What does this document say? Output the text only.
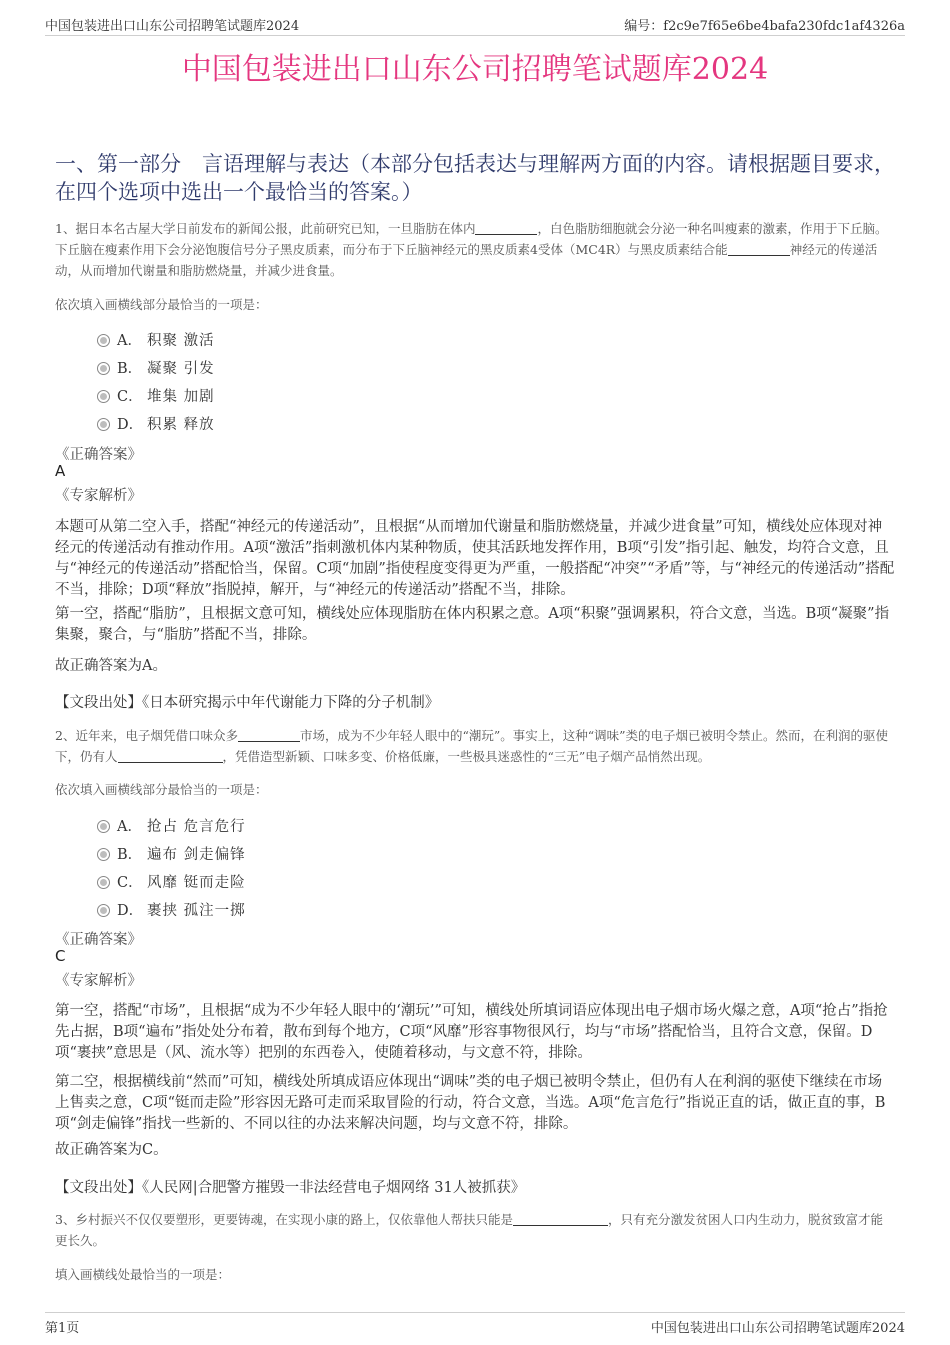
中国包装进出口山东公司招聘笔试题库2024	编号：f2c9e7f65e6be4bafa230fdc1af4326a
中国包装进出口山东公司招聘笔试题库2024
一、第一部分　言语理解与表达（本部分包括表达与理解两方面的内容。请根据题目要求，在四个选项中选出一个最恰当的答案。）
1、据日本名古屋大学日前发布的新闻公报，此前研究已知，一旦脂肪在体内	，白色脂肪细胞就会分泌一种名叫瘦素的激素，作用于下丘脑。下丘脑在瘦素作用下会分泌饱腹信号分子黑皮质素，而分布于下丘脑神经元的黑皮质素4受体（MC4R）与黑皮质素结合能	神经元的传递活动，从而增加代谢量和脂肪燃烧量，并减少进食量。
依次填入画横线部分最恰当的一项是：
A． 积聚 激活
B． 凝聚 引发
C． 堆集 加剧
D． 积累 释放
《正确答案》
A
《专家解析》
本题可从第二空入手，搭配“神经元的传递活动”，且根据“从而增加代谢量和脂肪燃烧量，并减少进食量”可知，横线处应体现对神经元的传递活动有推动作用。A项“激活”指刺激机体内某种物质，使其活跃地发挥作用，B项“引发”指引起、触发，均符合文意，且与“神经元的传递活动”搭配恰当，保留。C项“加剧”指使程度变得更为严重，一般搭配“冲突”“矛盾”等，与“神经元的传递活动”搭配不当，排除；D项“释放”指脱掉，解开，与“神经元的传递活动”搭配不当，排除。
第一空，搭配“脂肪”，且根据文意可知，横线处应体现脂肪在体内积累之意。A项“积聚”强调累积，符合文意，当选。B项“凝聚”指集聚，聚合，与“脂肪”搭配不当，排除。
故正确答案为A。
【文段出处】《日本研究揭示中年代谢能力下降的分子机制》
2、近年来，电子烟凭借口味众多	市场，成为不少年轻人眼中的“潮玩”。事实上，这种“调味”类的电子烟已被明令禁止。然而，在利润的驱使下，仍有人	，凭借造型新颖、口味多变、价格低廉，一些极具迷惑性的“三无”电子烟产品悄然出现。
依次填入画横线部分最恰当的一项是：
A． 抢占 危言危行
B． 遍布 剑走偏锋
C． 风靡 铤而走险
D． 裹挟 孤注一掷
《正确答案》
C
《专家解析》
第一空，搭配“市场”，且根据“成为不少年轻人眼中的‘潮玩’”可知，横线处所填词语应体现出电子烟市场火爆之意，A项“抢占”指抢先占据，B项“遍布”指处处分布着，散布到每个地方，C项“风靡”形容事物很风行，均与“市场”搭配恰当，且符合文意，保留。D项“裹挟”意思是（风、流水等）把别的东西卷入，使随着移动，与文意不符，排除。
第二空，根据横线前“然而”可知，横线处所填成语应体现出“调味”类的电子烟已被明令禁止，但仍有人在利润的驱使下继续在市场上售卖之意，C项“铤而走险”形容因无路可走而采取冒险的行动，符合文意，当选。A项“危言危行”指说正直的话，做正直的事，B项“剑走偏锋”指找一些新的、不同以往的办法来解决问题，均与文意不符，排除。
故正确答案为C。
【文段出处】《人民网|合肥警方摧毁一非法经营电子烟网络 31人被抓获》
3、乡村振兴不仅仅要塑形，更要铸魂，在实现小康的路上，仅依靠他人帮扶只能是	，只有充分激发贫困人口内生动力，脱贫致富才能更长久。
填入画横线处最恰当的一项是：
第1页	中国包装进出口山东公司招聘笔试题库2024
